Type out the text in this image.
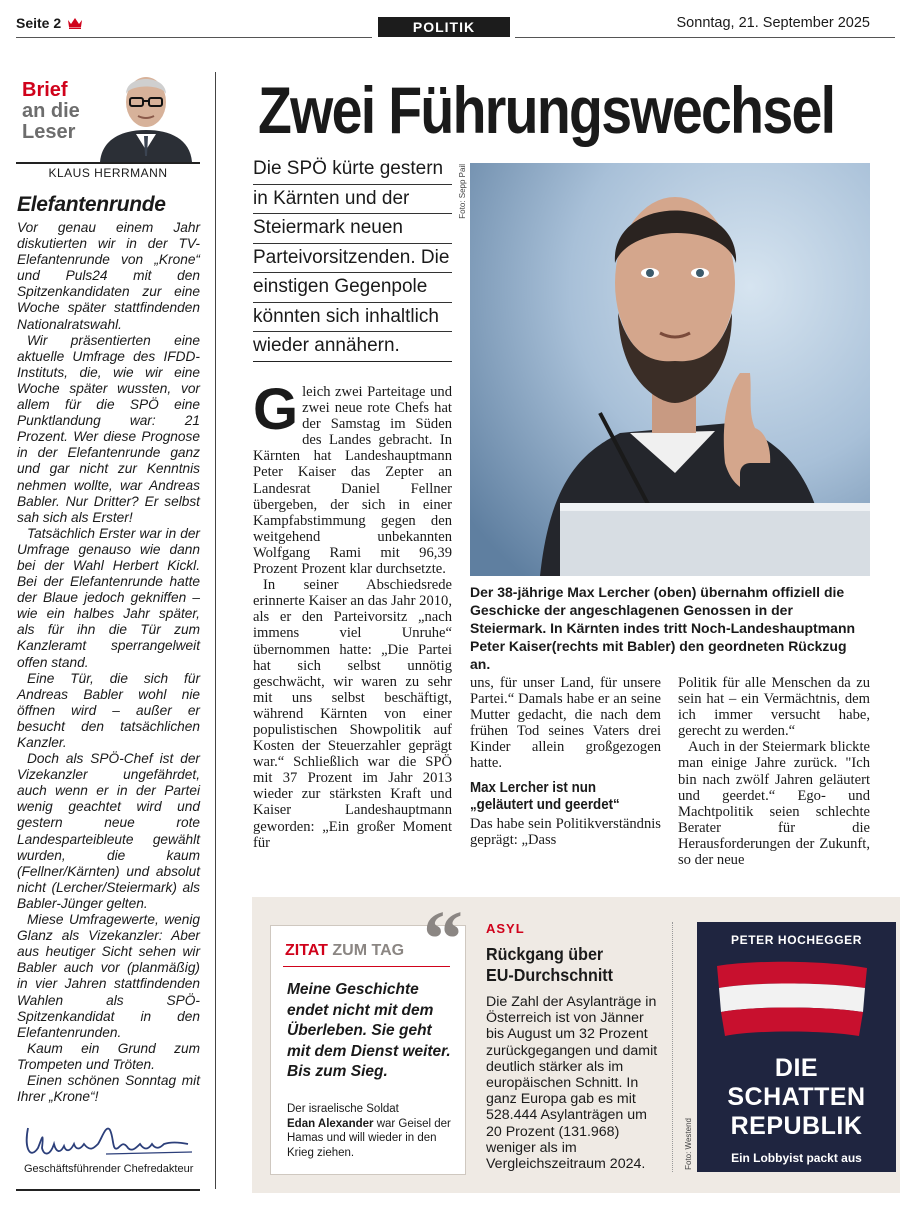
Seite 2	POLITIK	Sonntag, 21. September 2025
Brief
an die
Leser
KLAUS HERRMANN
Elefantenrunde

Vor genau einem Jahr diskutierten wir in der TV-Elefantenrunde von „Krone“ und Puls24 mit den Spitzenkandidaten zur eine Woche später stattfindenden Nationalratswahl.

Wir präsentierten eine aktuelle Umfrage des IFDD-Instituts, die, wie wir eine Woche später wussten, vor allem für die SPÖ eine Punktlandung war: 21 Prozent. Wer diese Prognose in der Elefantenrunde ganz und gar nicht zur Kenntnis nehmen wollte, war Andreas Babler. Nur Dritter? Er selbst sah sich als Erster!

Tatsächlich Erster war in der Umfrage genauso wie dann bei der Wahl Herbert Kickl. Bei der Elefantenrunde hatte der Blaue jedoch gekniffen – wie ein halbes Jahr später, als für ihn die Tür zum Kanzleramt sperrangelweit offen stand.

Eine Tür, die sich für Andreas Babler wohl nie öffnen wird – außer er besucht den tatsächlichen Kanzler.

Doch als SPÖ-Chef ist der Vizekanzler ungefährdet, auch wenn er in der Partei wenig geachtet wird und gestern neue rote Landesparteibleute gewählt wurden, die kaum (Fellner/Kärnten) und absolut nicht (Lercher/Steiermark) als Babler-Jünger gelten.

Miese Umfragewerte, wenig Glanz als Vizekanzler: Aber aus heutiger Sicht sehen wir Babler auch vor (planmäßig) in vier Jahren stattfindenden Wahlen als SPÖ-Spitzenkandidat in den Elefantenrunden.

Kaum ein Grund zum Trompeten und Tröten.

Einen schönen Sonntag mit Ihrer „Krone“!

Geschäftsführender Chefredakteur
Zwei Führungswechsel
Die SPÖ kürte gestern
in Kärnten und der
Steiermark neuen
Parteivorsitzenden. Die
einstigen Gegenpole
könnten sich inhaltlich
wieder annähern.
Foto: Sepp Pail
Der 38-jährige Max Lercher (oben) übernahm offiziell die Geschicke der angeschlagenen Genossen in der Steiermark. In Kärnten indes tritt Noch-Landeshauptmann Peter Kaiser(rechts mit Babler) den geordneten Rückzug an.

Gleich zwei Parteitage und zwei neue rote Chefs hat der Samstag im Süden des Landes gebracht. In Kärnten hat Landeshauptmann Peter Kaiser das Zepter an Landesrat Daniel Fellner übergeben, der sich in einer Kampfabstimmung gegen den weitgehend unbekannten Wolfgang Rami mit 96,39 Prozent Prozent klar durchsetzte.

In seiner Abschiedsrede erinnerte Kaiser an das Jahr 2010, als er den Parteivorsitz „nach immens viel Unruhe“ übernommen hatte: „Die Partei hat sich selbst unnötig geschwächt, wir waren zu sehr mit uns selbst beschäftigt, während Kärnten von einer populistischen Showpolitik auf Kosten der Steuerzahler geprägt war.“ Schließlich war die SPÖ mit 37 Prozent im Jahr 2013 wieder zur stärksten Kraft und Kaiser Landeshauptmann geworden: „Ein großer Moment für

uns, für unser Land, für unsere Partei.“ Damals habe er an seine Mutter gedacht, die nach dem frühen Tod seines Vaters drei Kinder allein großgezogen hatte.

Max Lercher ist nun
„geläutert und geerdet“

Das habe sein Politikverständnis geprägt: „Dass

Politik für alle Menschen da zu sein hat – ein Vermächtnis, dem ich immer versucht habe, gerecht zu werden.“

Auch in der Steiermark blickte man einige Jahre zurück. "Ich bin nach zwölf Jahren geläutert und geerdet.“ Ego- und Machtpolitik seien schlechte Berater für die Herausforderungen der Zukunft, so der neue

ZITAT ZUM TAG “
Meine Geschichte endet nicht mit dem Überleben. Sie geht mit dem Dienst weiter. Bis zum Sieg.
Der israelische Soldat
Edan Alexander war Geisel der Hamas und will wieder in den Krieg ziehen.
ASYL
Rückgang über
EU-Durchschnitt
Die Zahl der Asylanträge in Österreich ist von Jänner bis August um 32 Prozent zurückgegangen und damit deutlich stärker als im europäischen Schnitt. In ganz Europa gab es mit 528.444 Asylanträgen um 20 Prozent (131.968) weniger als im Vergleichszeitraum 2024.	Foto: Westend
PETER HOCHEGGER
DIE
SCHATTEN
REPUBLIK
Ein Lobbyist packt aus
